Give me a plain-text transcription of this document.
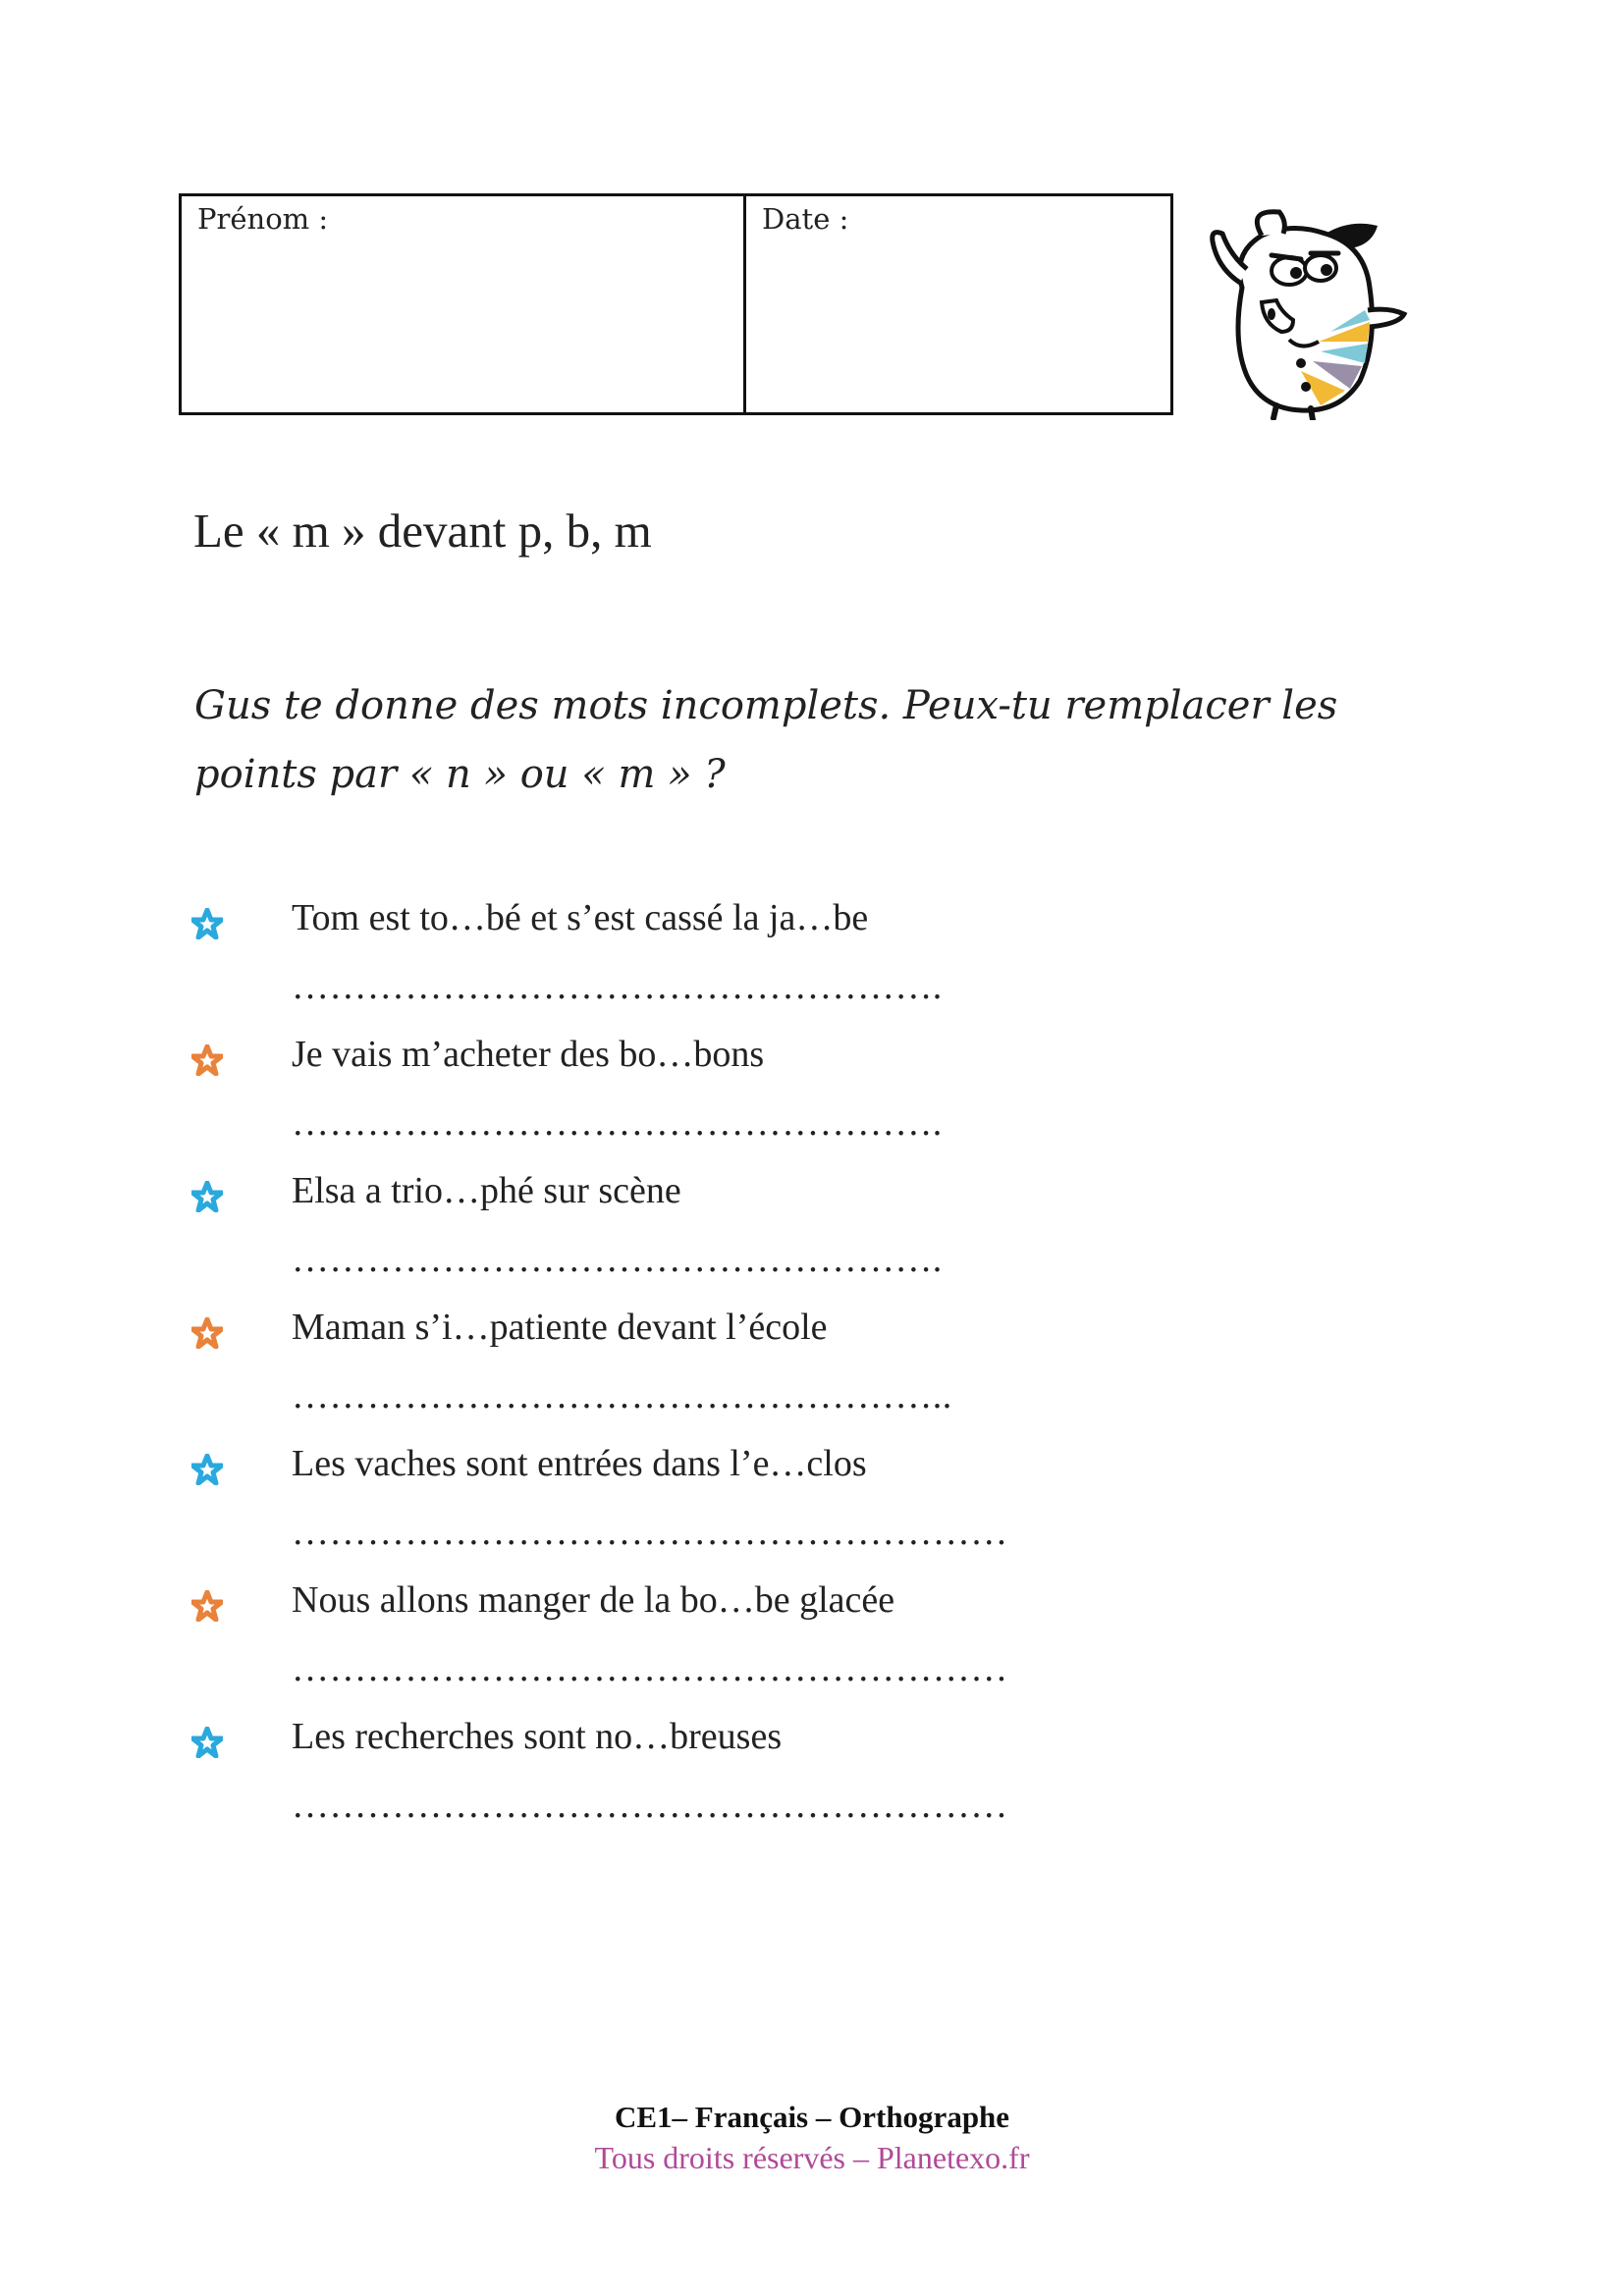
Prénom :	Date :
Le « m » devant p, b, m
Gus te donne des mots incomplets. Peux-tu remplacer les points par « n » ou « m » ?
Tom est to…bé et s’est cassé la ja…be
…………………………………………….
Je vais m’acheter des bo…bons
…………………………………………….
Elsa a trio…phé sur scène
…………………………………………….
Maman s’i…patiente devant l’école
……………………………………………..
Les vaches sont entrées dans l’e…clos
…………………………………………………
Nous allons manger de la bo…be glacée
…………………………………………………
Les recherches sont no…breuses
…………………………………………………
CE1– Français – Orthographe
Tous droits réservés – Planetexo.fr
